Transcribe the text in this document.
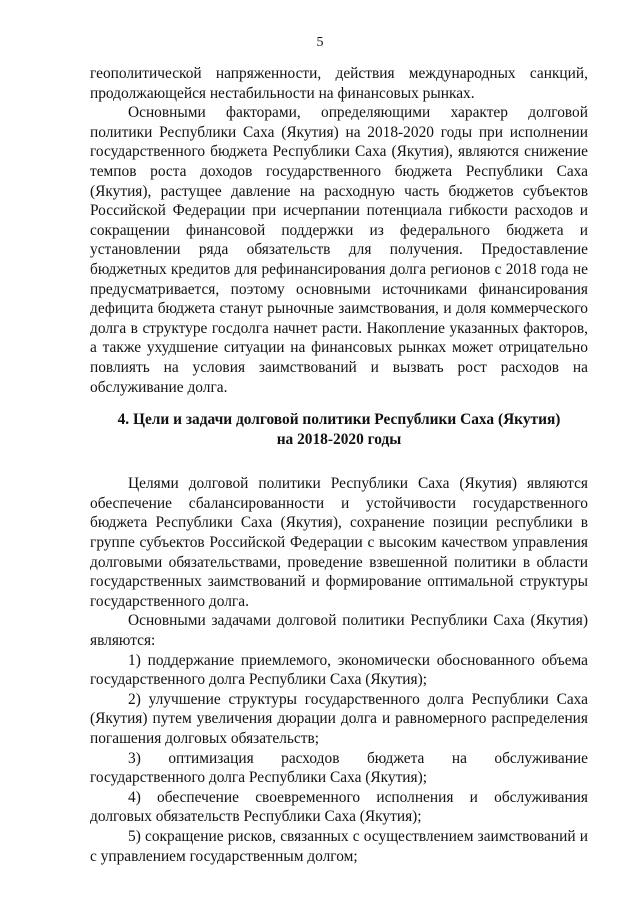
5

геополитической напряженности, действия международных санкций, продолжающейся нестабильности на финансовых рынках.

Основными факторами, определяющими характер долговой политики Республики Саха (Якутия) на 2018-2020 годы при исполнении государственного бюджета Республики Саха (Якутия), являются снижение темпов роста доходов государственного бюджета Республики Саха (Якутия), растущее давление на расходную часть бюджетов субъектов Российской Федерации при исчерпании потенциала гибкости расходов и сокращении финансовой поддержки из федерального бюджета и установлении ряда обязательств для получения. Предоставление бюджетных кредитов для рефинансирования долга регионов с 2018 года не предусматривается, поэтому основными источниками финансирования дефицита бюджета станут рыночные заимствования, и доля коммерческого долга в структуре госдолга начнет расти. Накопление указанных факторов, а также ухудшение ситуации на финансовых рынках может отрицательно повлиять на условия заимствований и вызвать рост расходов на обслуживание долга.

4. Цели и задачи долговой политики Республики Саха (Якутия)

на 2018-2020 годы

Целями долговой политики Республики Саха (Якутия) являются обеспечение сбалансированности и устойчивости государственного бюджета Республики Саха (Якутия), сохранение позиции республики в группе субъектов Российской Федерации с высоким качеством управления долговыми обязательствами, проведение взвешенной политики в области государственных заимствований и формирование оптимальной структуры государственного долга.

Основными задачами долговой политики Республики Саха (Якутия) являются:

1) поддержание приемлемого, экономически обоснованного объема государственного долга Республики Саха (Якутия);

2) улучшение структуры государственного долга Республики Саха (Якутия) путем увеличения дюрации долга и равномерного распределения погашения долговых обязательств;

3) оптимизация расходов бюджета на обслуживание государственного долга Республики Саха (Якутия);

4) обеспечение своевременного исполнения и обслуживания долговых обязательств Республики Саха (Якутия);

5) сокращение рисков, связанных с осуществлением заимствований и с управлением государственным долгом;
